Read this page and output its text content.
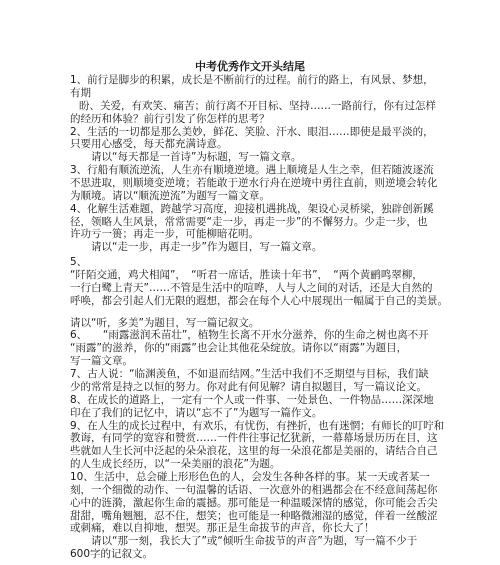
中考优秀作文开头结尾
1、前行是脚步的积累，成长是不断前行的过程。前行的路上，有风景、梦想，
有期
盼、关爱，有欢笑、痛苦；前行离不开目标、坚持……一路前行，你有过怎样
的经历和体验？前行引发了你怎样的思考？
2、生活的一切都是那么美妙，鲜花、笑脸、汗水、眼泪……即使是最平淡的，
只要用心感受，每天都充满诗意。
请以“每天都是一首诗”为标题，写一篇文章。
3、行船有顺流逆流，人生亦有顺境逆境。遇上顺境是人生之幸，但若随波逐流
不思进取，则顺境变逆境；若能敢于逆水行舟在逆境中勇往直前，则逆境会转化
为顺境。请以“顺流逆流”为题写一篇文章。
4、化解生活难题，跨越学习高度，迎接机遇挑战，架设心灵桥梁，独辟创新蹊
径，领略人生风景，常常需要“走一步，再走一步”的不懈努力。少走一步，也
许功亏一篑；再走一步，可能柳暗花明。
请以“走一步，再走一步”作为题目，写一篇文章。
5、
“阡陌交通，鸡犬相闻”，　“听君一席话，胜读十年书”，　“两个黄鹂鸣翠柳，
一行白鹭上青天”……不管是生活中的喧哗，人与人之间的对话，还是大自然的
呼唤，都会引起人们无限的遐想，都会在每个人心中展现出一幅属于自己的美景。
请以“听，多美”为题目，写一篇记叙文。
6、　　“雨露滋润禾苗壮”，植物生长离不开水分滋养，你的生命之树也离不开
“雨露”的滋养，你的“雨露”也会让其他花朵绽放。请你以“雨露”为题目，
写一篇文章。
7、古人说：“临渊羡鱼，不如退而结网。”生活中我们不乏期望与目标，我们缺
少的常常是持之以恒的努力。你对此有何见解？请自拟题目，写一篇议论文。
8、在成长的道路上，一定有一个人或一件事、一处景色、一件物品……深深地
印在了我们的记忆中，请以“忘不了”为题写一篇作文。
9、在人生的成长过程中，有欢乐，有忧伤，有挫折，也有迷惘；有师长的叮咛和
教诲，有同学的宽容和赞赏……一件件往事记忆犹新，一幕幕场景历历在目，这
些就如人生长河中泛起的朵朵浪花，这里的每一朵浪花都是美丽的，请结合自己
的人生成长经历，以“一朵美丽的浪花”为题。
10、生活中，总会碰上形形色色的人，会发生各种各样的事。某一天或者某一
刻，一个细微的动作、一句温馨的话语、一次意外的相遇都会在不经意间荡起你
心中的涟漪，激起你生命的震撼。那可能是一种温暖深情的感觉，你可能会舌尖
甜甜，嘴角翘翘，忍不住，想笑；也可能是一种略微湘湿的感觉，伴着一丝酸涩
或刺痛，难以自抑地，想哭。那正是生命拔节的声音，你长大了！
请以“那一刻，我长大了”或“倾听生命拔节的声音”为题，写一篇不少于
600字的记叙文。
